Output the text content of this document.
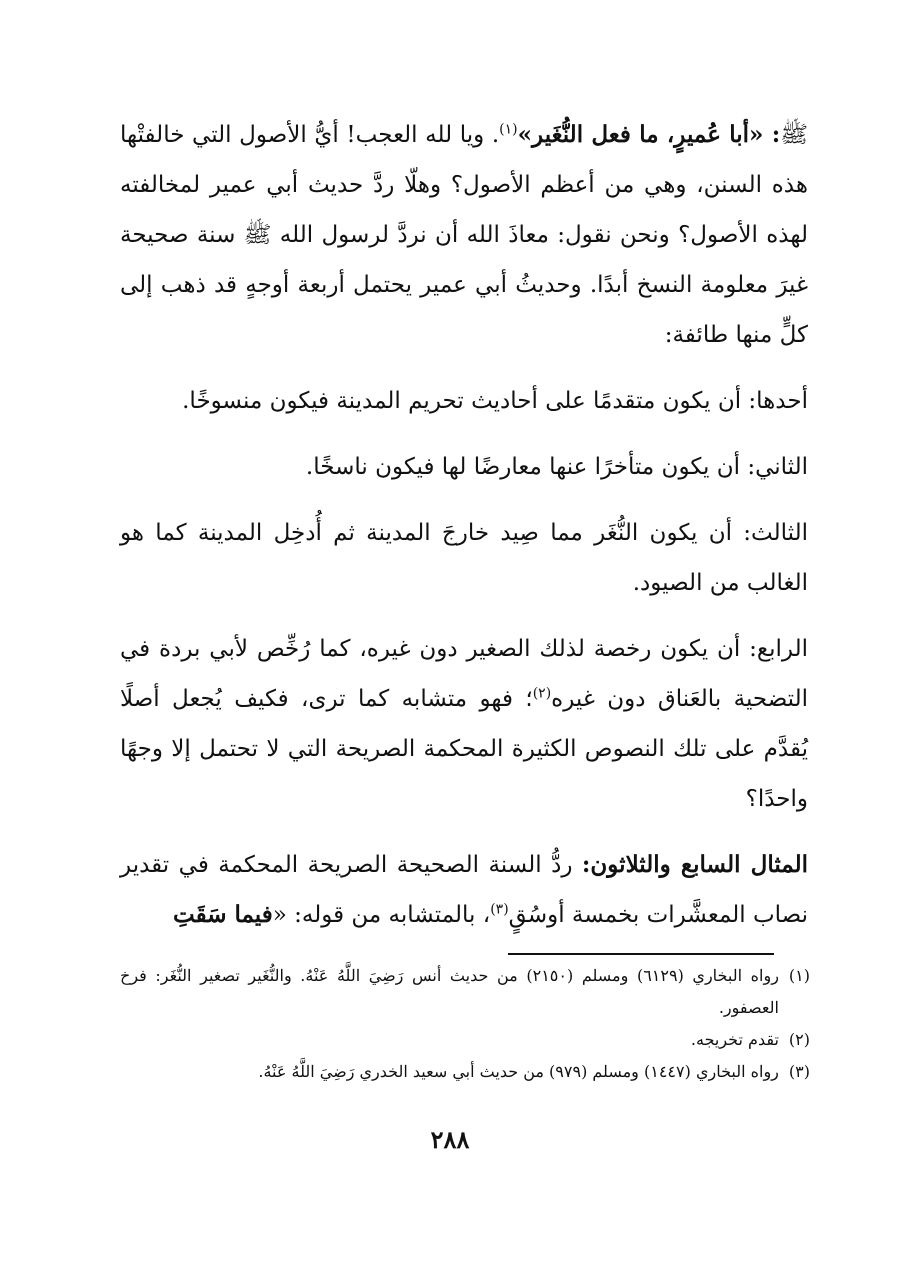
ﷺ: «أبا عُميرٍ، ما فعل النُّغَير»$^{(١)}$. ويا لله العجب! أيُّ الأصول التي خالفتْها هذه السنن، وهي من أعظم الأصول؟ وهلّا ردَّ حديث أبي عمير لمخالفته لهذه الأصول؟ ونحن نقول: معاذَ الله أن نردَّ لرسول الله ﷺ سنة صحيحة غيرَ معلومة النسخ أبدًا. وحديثُ أبي عمير يحتمل أربعة أوجهٍ قد ذهب إلى كلٍّ منها طائفة:

أحدها: أن يكون متقدمًا على أحاديث تحريم المدينة فيكون منسوخًا.

الثاني: أن يكون متأخرًا عنها معارضًا لها فيكون ناسخًا.

الثالث: أن يكون النُّغَر مما صِيد خارجَ المدينة ثم أُدخِل المدينة كما هو الغالب من الصيود.

الرابع: أن يكون رخصة لذلك الصغير دون غيره، كما رُخِّص لأبي بردة في التضحية بالعَناق دون غيره$^{(٢)}$؛ فهو متشابه كما ترى، فكيف يُجعل أصلًا يُقدَّم على تلك النصوص الكثيرة المحكمة الصريحة التي لا تحتمل إلا وجهًا واحدًا؟

المثال السابع والثلاثون: ردُّ السنة الصحيحة الصريحة المحكمة في تقدير نصاب المعشَّرات بخمسة أوسُقٍ$^{(٣)}$، بالمتشابه من قوله: «فيما سَقَتِ

(١)
رواه البخاري (٦١٢٩) ومسلم (٢١٥٠) من حديث أنس رَضِيَ اللَّهُ عَنْهُ. والنُّغَير تصغير النُّغَر: فرخ العصفور.
(٢)
تقدم تخريجه.
(٣)
رواه البخاري (١٤٤٧) ومسلم (٩٧٩) من حديث أبي سعيد الخدري رَضِيَ اللَّهُ عَنْهُ.
٢٨٨
